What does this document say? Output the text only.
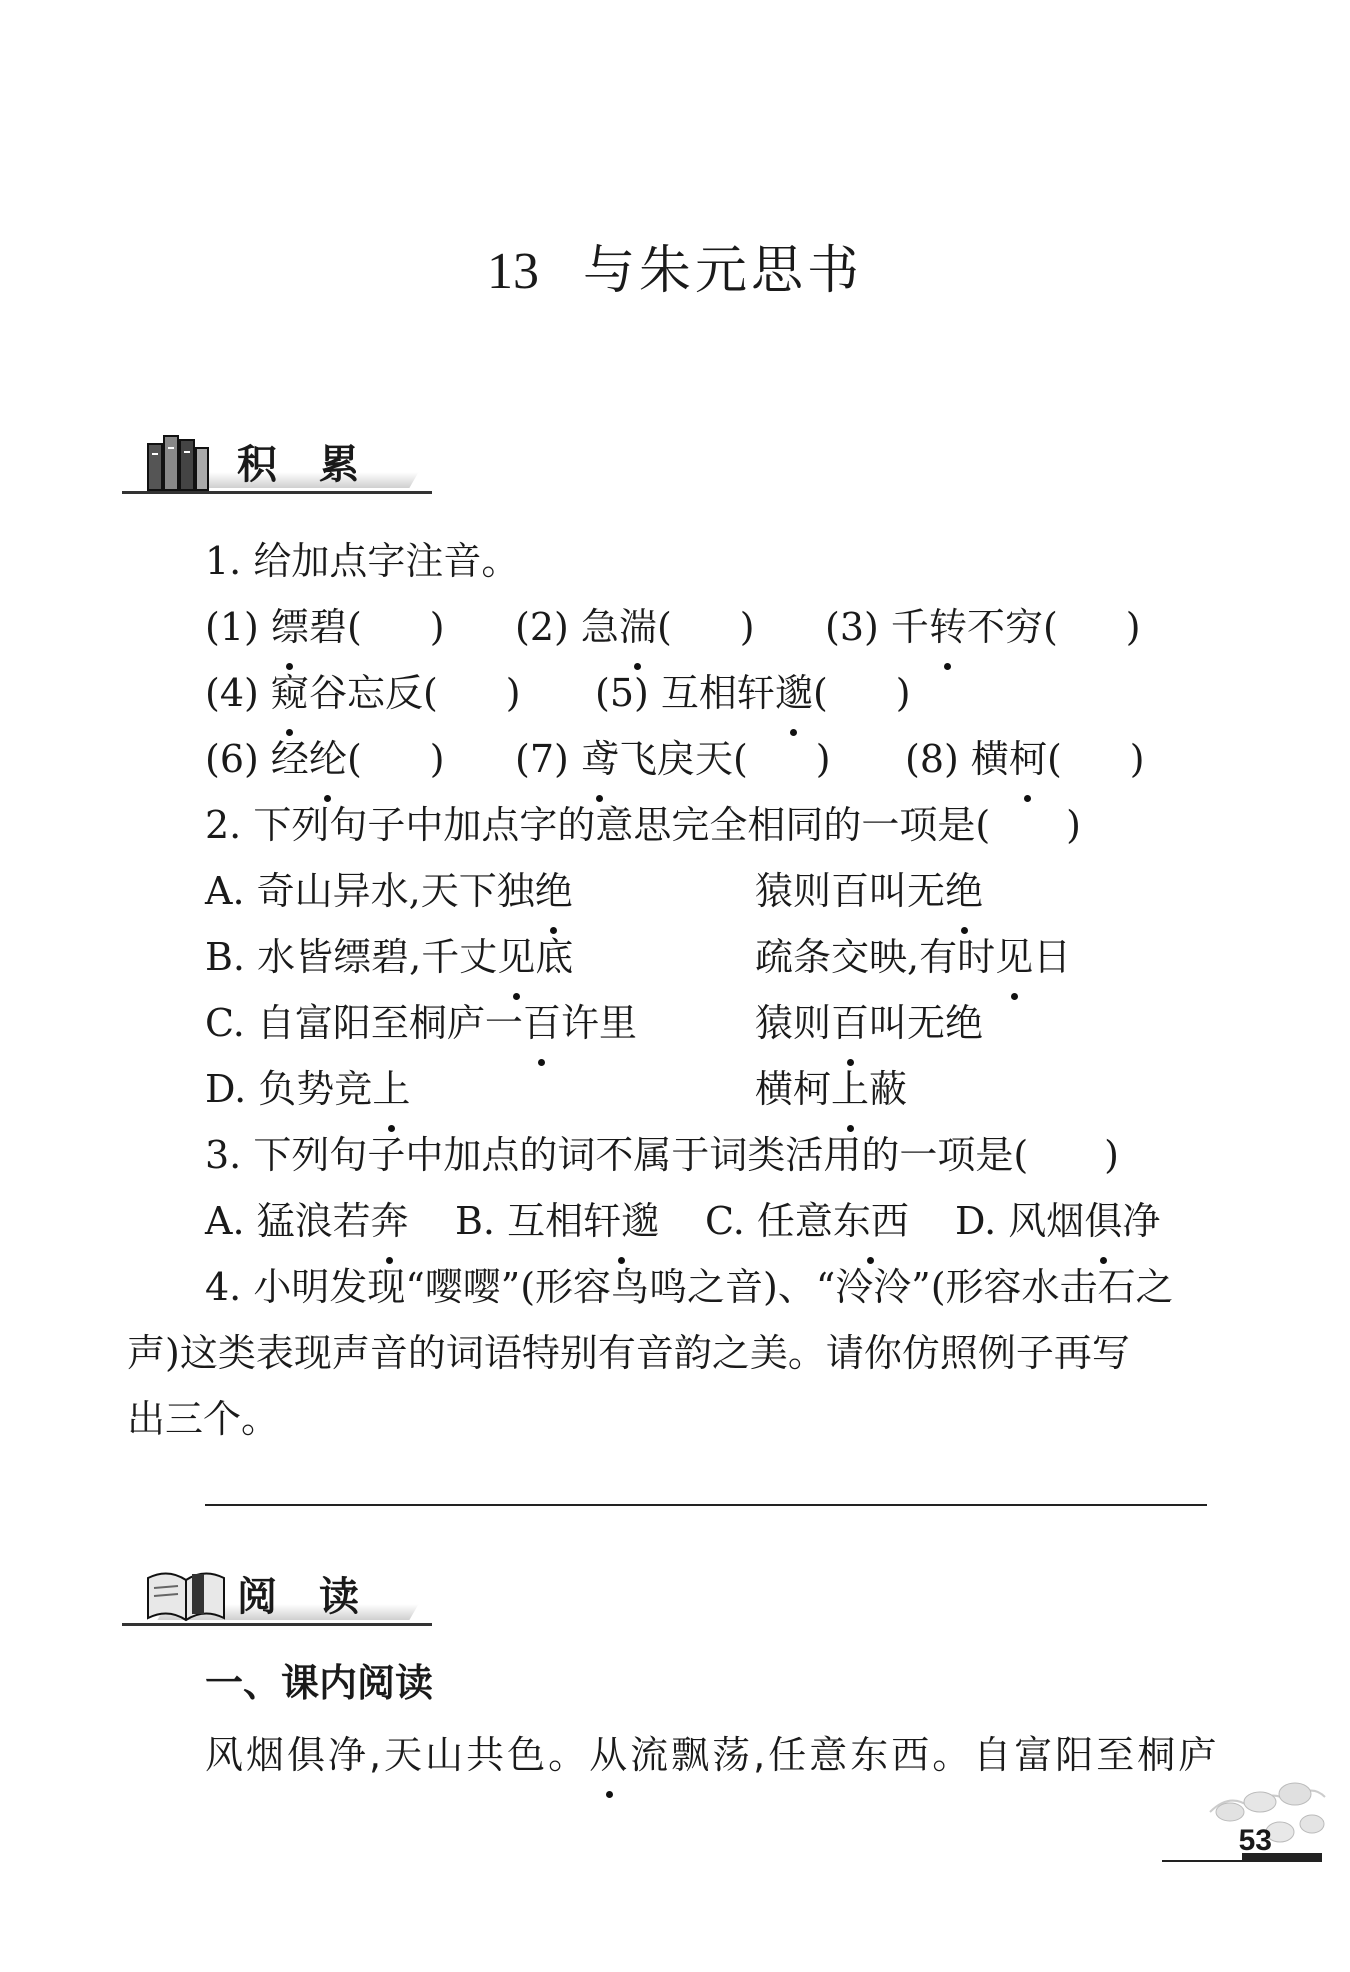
13 与朱元思书
积累
1. 给加点字注音。
(1) 缥碧( ) (2) 急湍( ) (3) 千转不穷( )
(4) 窥谷忘反( ) (5) 互相轩邈( )
(6) 经纶( ) (7) 鸢飞戾天( ) (8) 横柯( )
2. 下列句子中加点字的意思完全相同的一项是(　　)
A. 奇山异水,天下独绝	猿则百叫无绝
B. 水皆缥碧,千丈见底	疏条交映,有时见日
C. 自富阳至桐庐一百许里	猿则百叫无绝
D. 负势竞上	横柯上蔽
3. 下列句子中加点的词不属于词类活用的一项是(　　)
A. 猛浪若奔 B. 互相轩邈 C. 任意东西 D. 风烟俱净
4. 小明发现“嘤嘤”(形容鸟鸣之音)、“泠泠”(形容水击石之
声)这类表现声音的词语特别有音韵之美。请你仿照例子再写
出三个。
阅读
一、课内阅读
风烟俱净,天山共色。从流飘荡,任意东西。自富阳至桐庐
53
